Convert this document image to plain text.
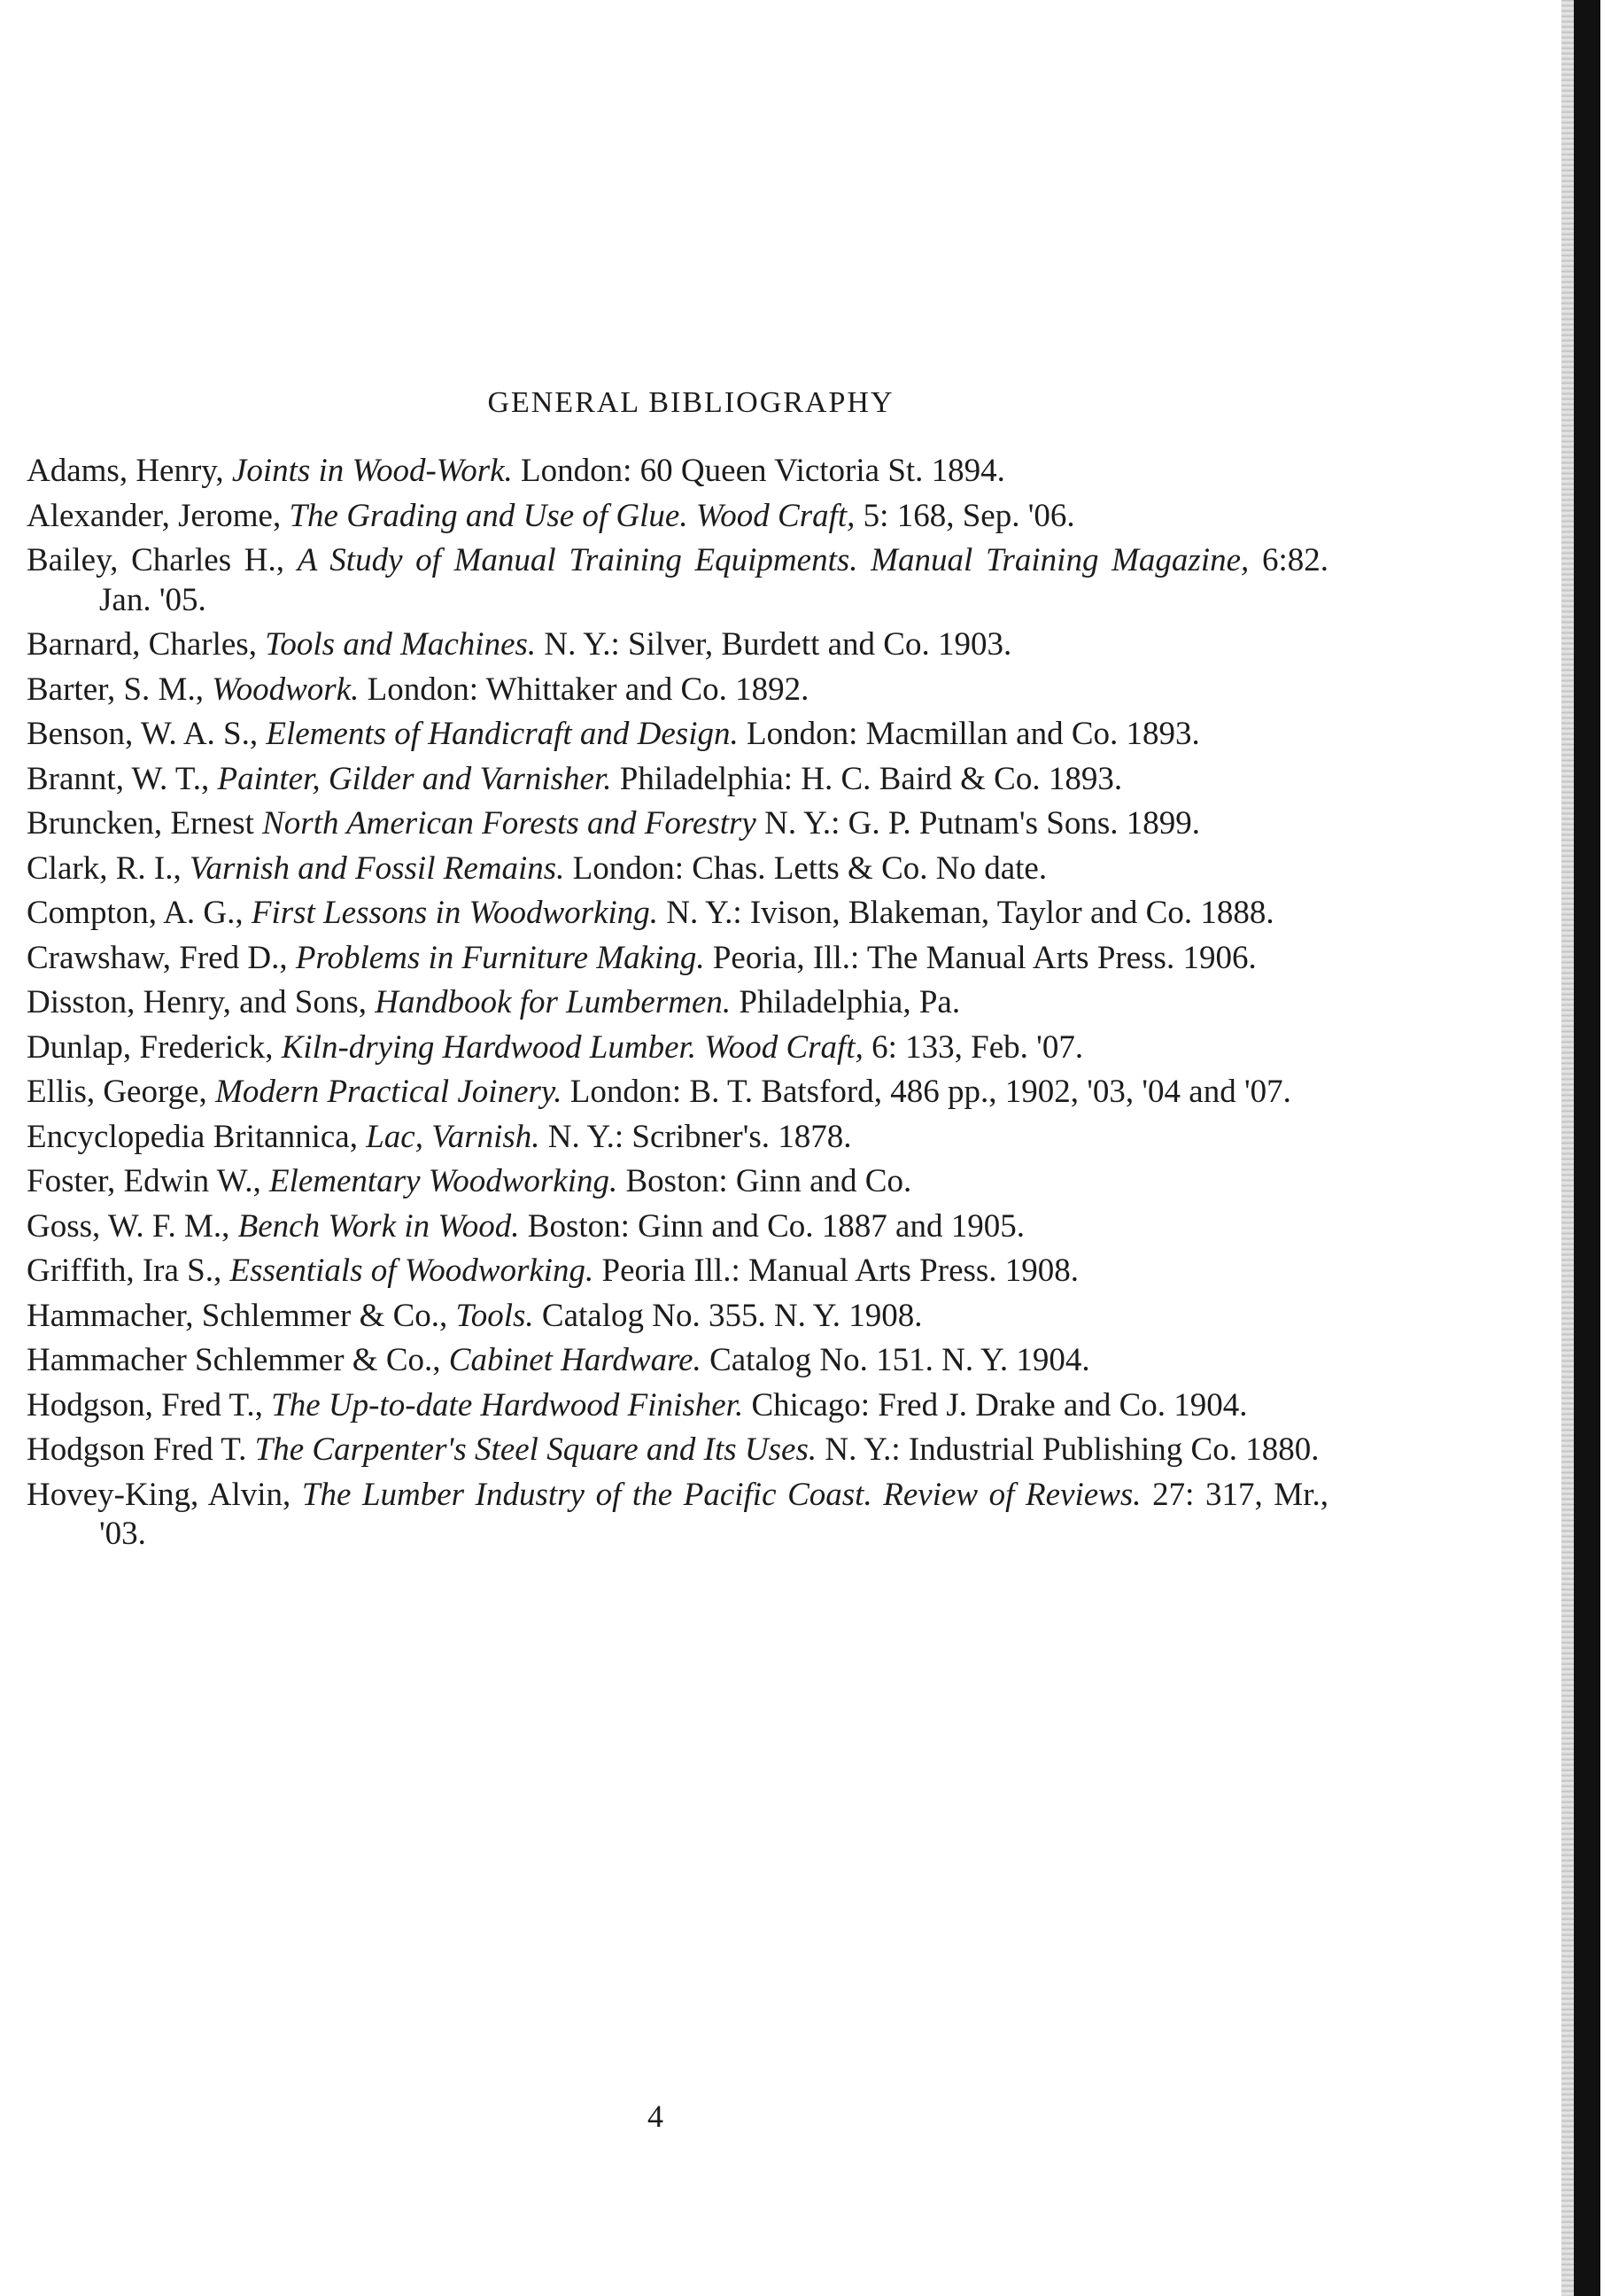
GENERAL BIBLIOGRAPHY
Adams, Henry, Joints in Wood-Work. London: 60 Queen Victoria St. 1894.
Alexander, Jerome, The Grading and Use of Glue. Wood Craft, 5: 168, Sep. '06.
Bailey, Charles H., A Study of Manual Training Equipments. Manual Training Magazine, 6:82. Jan. '05.
Barnard, Charles, Tools and Machines. N. Y.: Silver, Burdett and Co. 1903.
Barter, S. M., Woodwork. London: Whittaker and Co. 1892.
Benson, W. A. S., Elements of Handicraft and Design. London: Macmillan and Co. 1893.
Brannt, W. T., Painter, Gilder and Varnisher. Philadelphia: H. C. Baird & Co. 1893.
Bruncken, Ernest North American Forests and Forestry N. Y.: G. P. Putnam's Sons. 1899.
Clark, R. I., Varnish and Fossil Remains. London: Chas. Letts & Co. No date.
Compton, A. G., First Lessons in Woodworking. N. Y.: Ivison, Blakeman, Taylor and Co. 1888.
Crawshaw, Fred D., Problems in Furniture Making. Peoria, Ill.: The Manual Arts Press. 1906.
Disston, Henry, and Sons, Handbook for Lumbermen. Philadelphia, Pa.
Dunlap, Frederick, Kiln-drying Hardwood Lumber. Wood Craft, 6: 133, Feb. '07.
Ellis, George, Modern Practical Joinery. London: B. T. Batsford, 486 pp., 1902, '03, '04 and '07.
Encyclopedia Britannica, Lac, Varnish. N. Y.: Scribner's. 1878.
Foster, Edwin W., Elementary Woodworking. Boston: Ginn and Co.
Goss, W. F. M., Bench Work in Wood. Boston: Ginn and Co. 1887 and 1905.
Griffith, Ira S., Essentials of Woodworking. Peoria Ill.: Manual Arts Press. 1908.
Hammacher, Schlemmer & Co., Tools. Catalog No. 355. N. Y. 1908.
Hammacher Schlemmer & Co., Cabinet Hardware. Catalog No. 151. N. Y. 1904.
Hodgson, Fred T., The Up-to-date Hardwood Finisher. Chicago: Fred J. Drake and Co. 1904.
Hodgson Fred T. The Carpenter's Steel Square and Its Uses. N. Y.: Industrial Publishing Co. 1880.
Hovey-King, Alvin, The Lumber Industry of the Pacific Coast. Review of Reviews. 27: 317, Mr., '03.
4
